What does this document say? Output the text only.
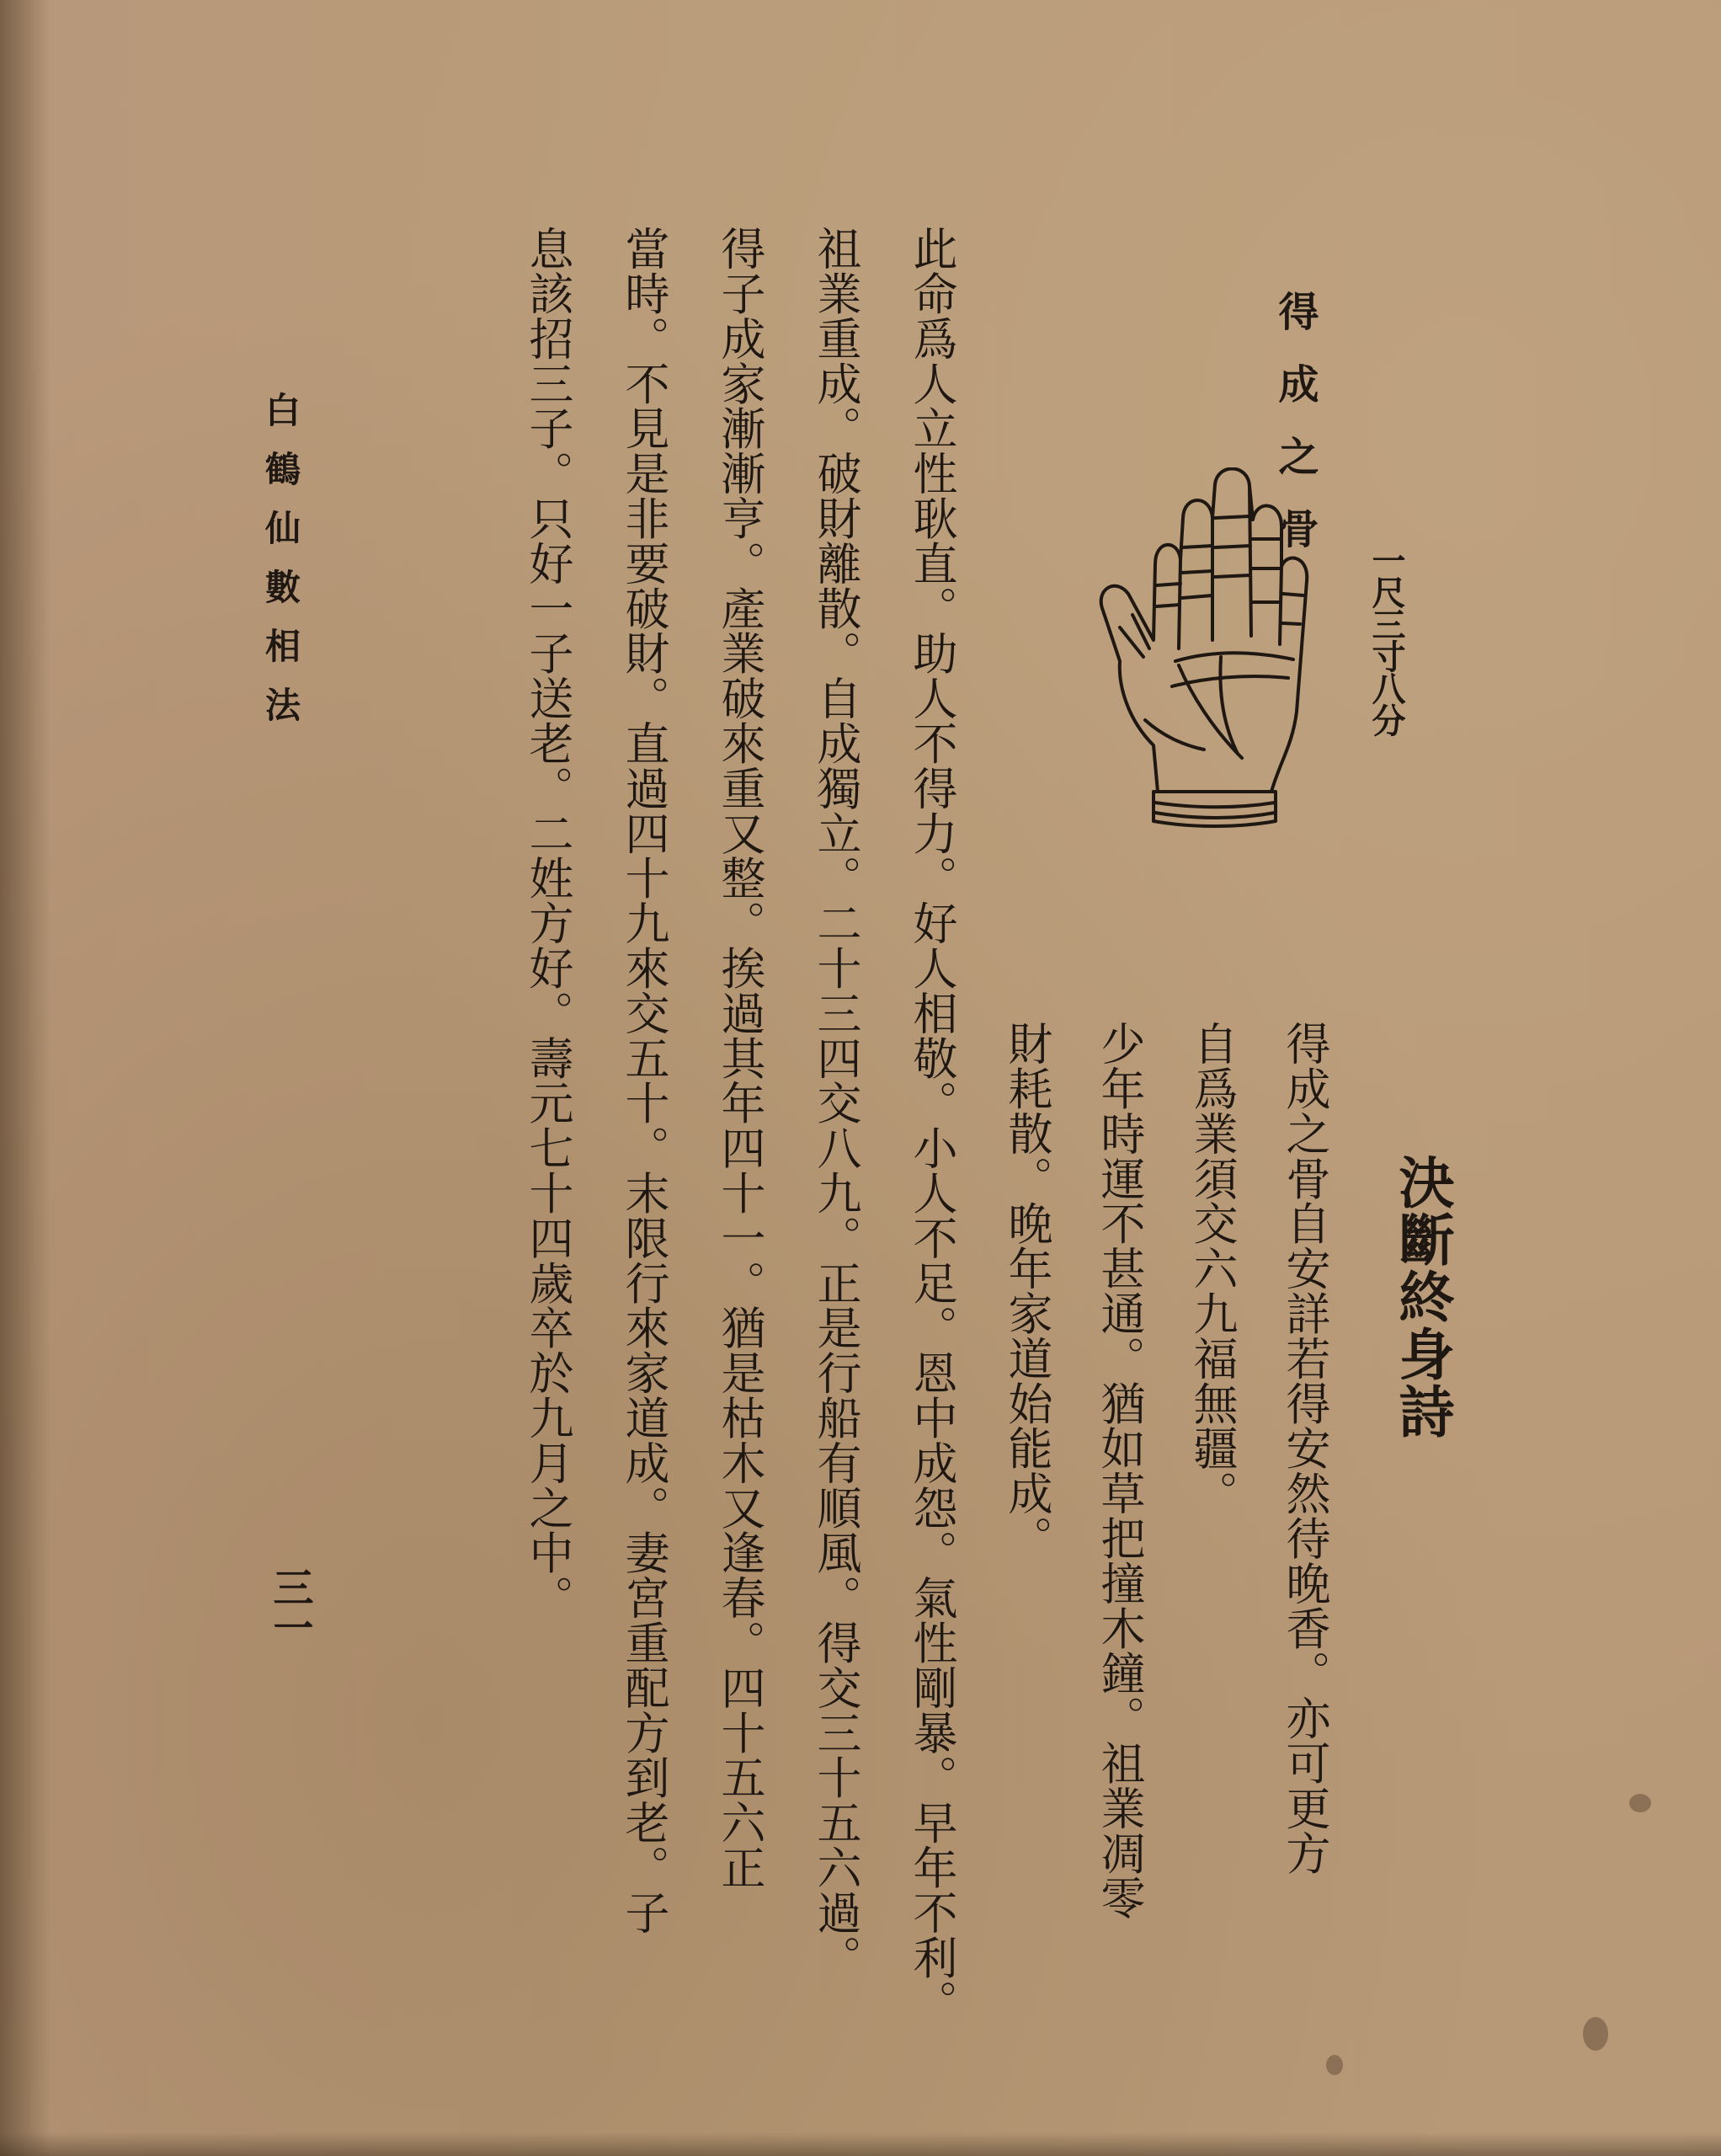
白鶴仙數相法
三一
得成之骨
一尺三寸八分
決斷終身詩
得成之骨自安詳若得安然待晚香。亦可更方
自爲業須交六九福無疆。
少年時運不甚通。猶如草把撞木鐘。祖業凋零
財耗散。晚年家道始能成。
此命爲人立性耿直。助人不得力。好人相敬。小人不足。恩中成怨。氣性剛暴。早年不利。
祖業重成。破財離散。自成獨立。二十三四交八九。正是行船有順風。得交三十五六過。
得子成家漸漸亨。產業破來重又整。挨過其年四十一。猶是枯木又逢春。四十五六正
當時。不見是非要破財。直過四十九來交五十。末限行來家道成。妻宮重配方到老。子
息該招三子。只好一子送老。二姓方好。壽元七十四歲卒於九月之中。
